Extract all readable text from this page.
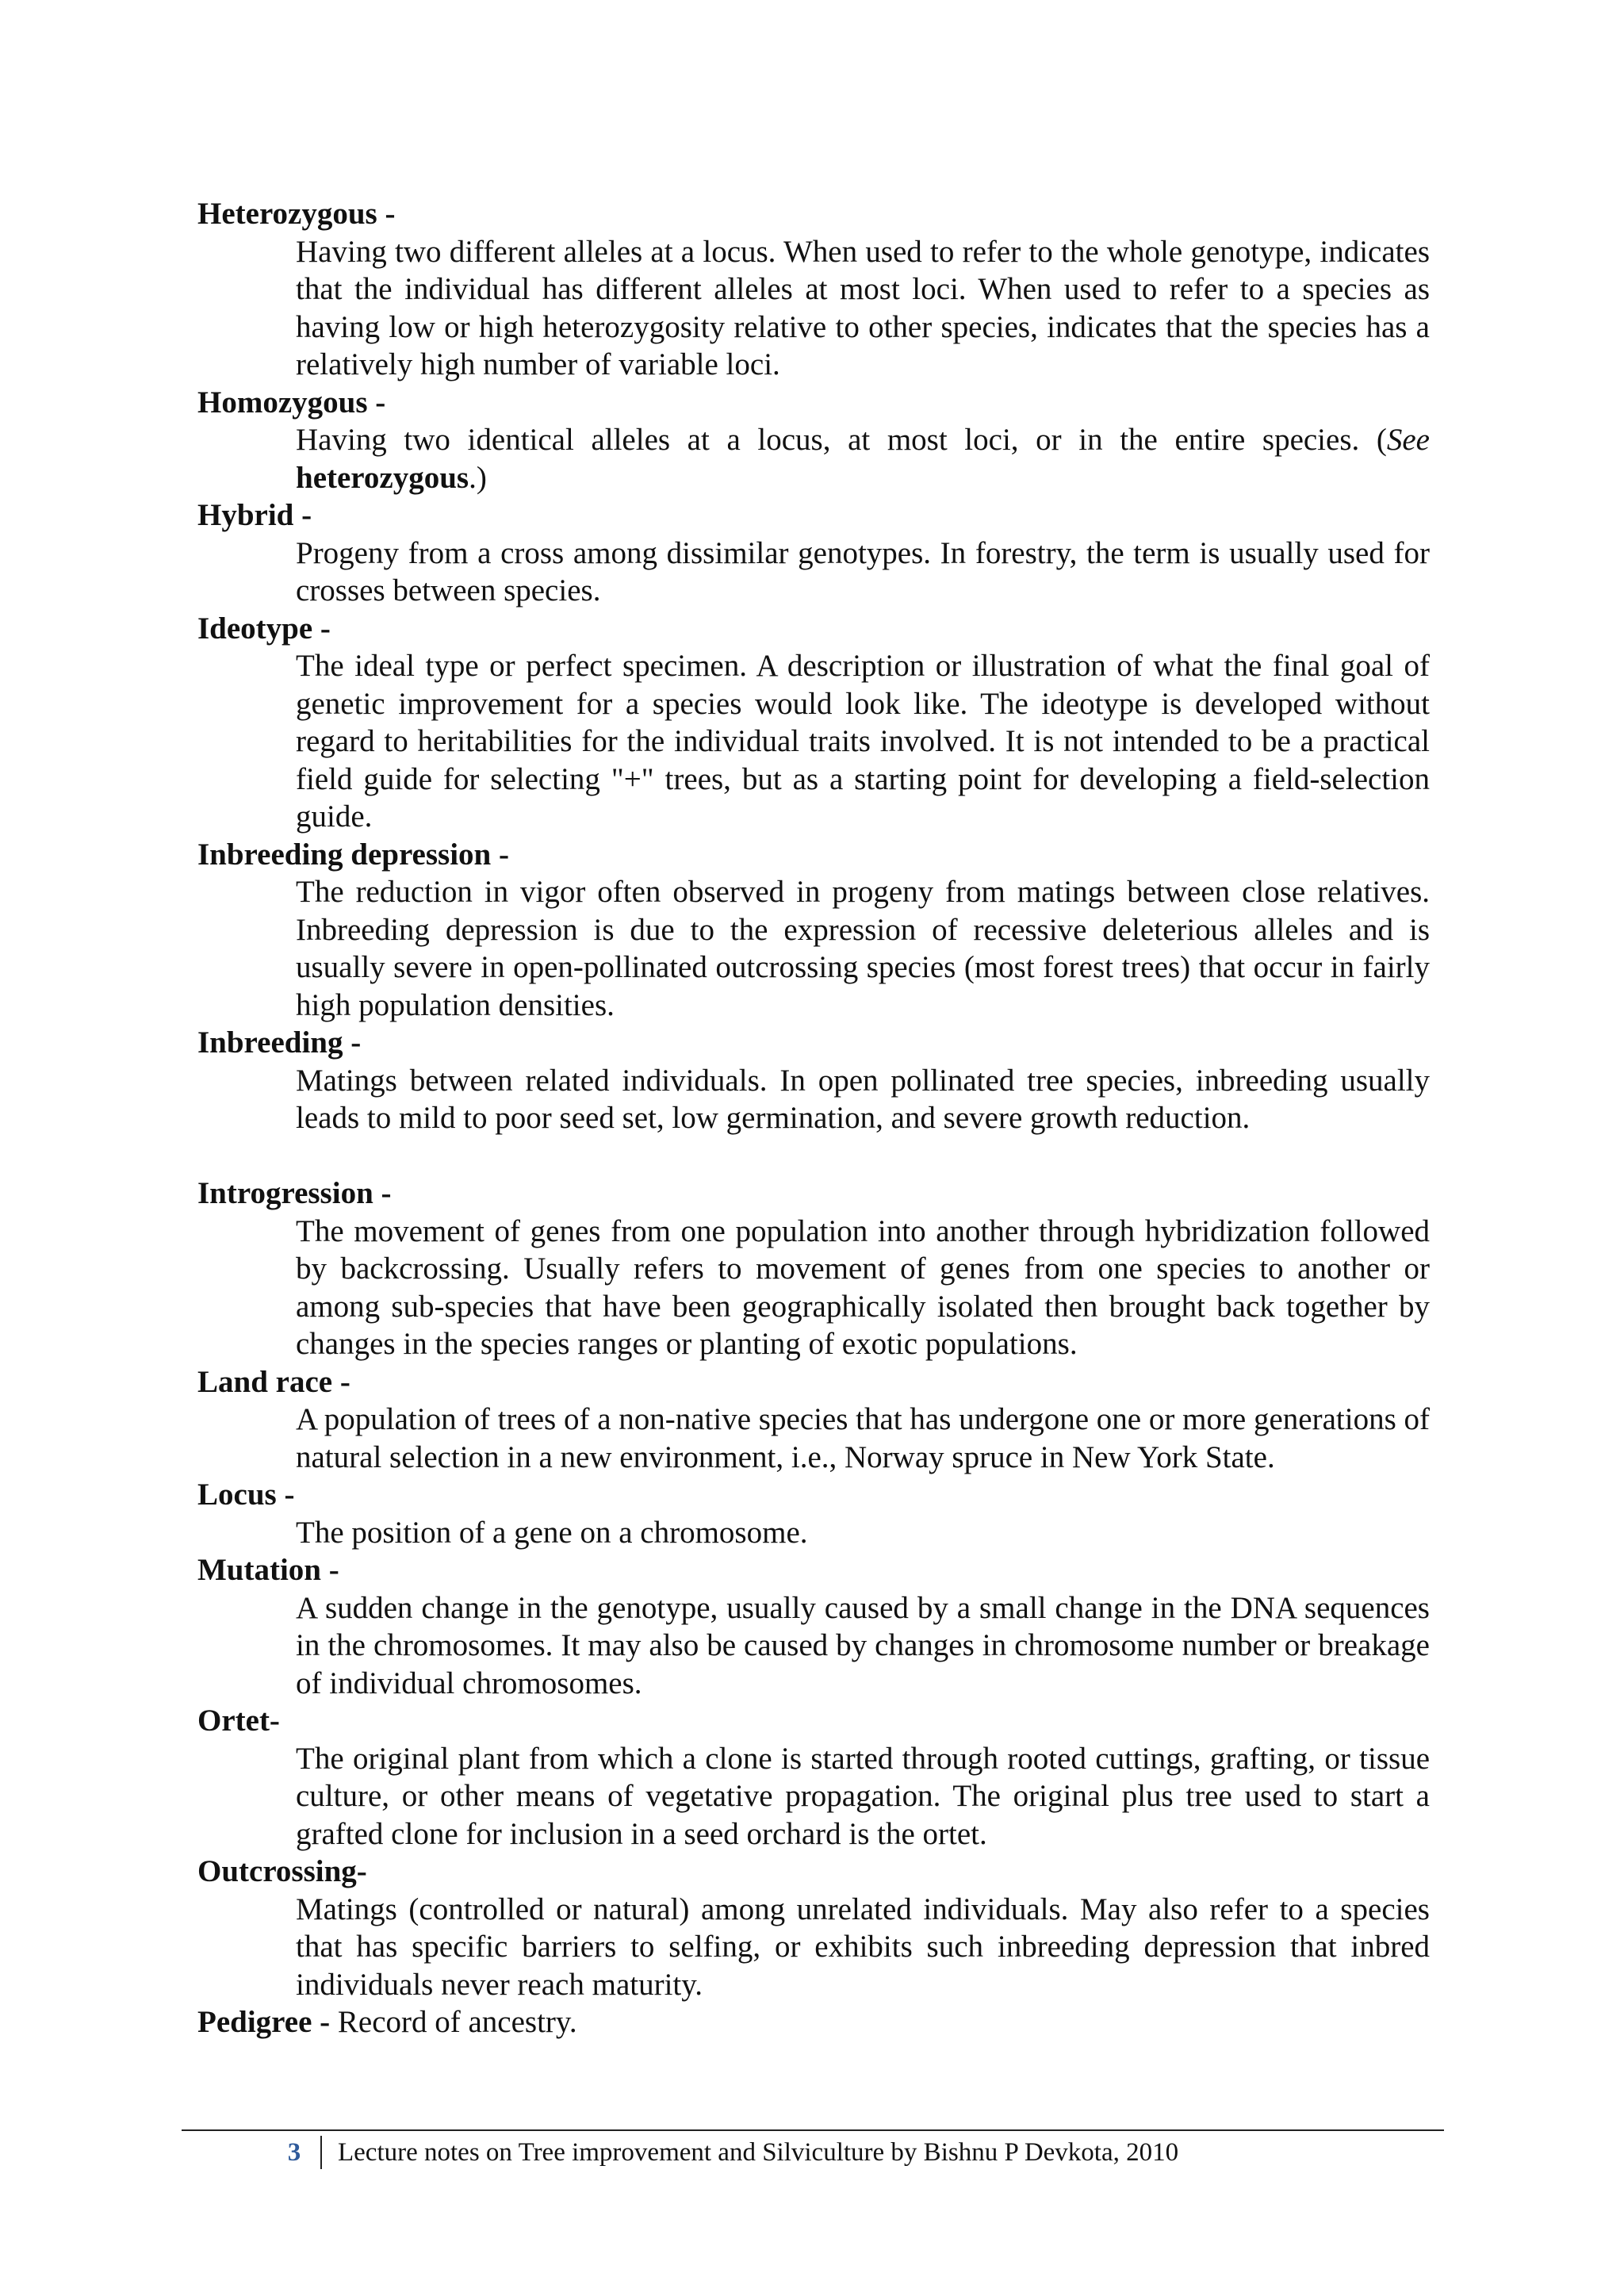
Heterozygous -

Having two different alleles at a locus. When used to refer to the whole genotype, indicates that the individual has different alleles at most loci. When used to refer to a species as having low or high heterozygosity relative to other species, indicates that the species has a relatively high number of variable loci.

Homozygous -

Having two identical alleles at a locus, at most loci, or in the entire species. (See heterozygous.)

Hybrid -

Progeny from a cross among dissimilar genotypes. In forestry, the term is usually used for crosses between species.

Ideotype -

The ideal type or perfect specimen. A description or illustration of what the final goal of genetic improvement for a species would look like. The ideotype is developed without regard to heritabilities for the individual traits involved. It is not intended to be a practical field guide for selecting "+" trees, but as a starting point for developing a field-selection guide.

Inbreeding depression -

The reduction in vigor often observed in progeny from matings between close relatives. Inbreeding depression is due to the expression of recessive deleterious alleles and is usually severe in open-pollinated outcrossing species (most forest trees) that occur in fairly high population densities.

Inbreeding -

Matings between related individuals. In open pollinated tree species, inbreeding usually leads to mild to poor seed set, low germination, and severe growth reduction.

Introgression -

The movement of genes from one population into another through hybridization followed by backcrossing. Usually refers to movement of genes from one species to another or among sub-species that have been geographically isolated then brought back together by changes in the species ranges or planting of exotic populations.

Land race -

A population of trees of a non-native species that has undergone one or more generations of natural selection in a new environment, i.e., Norway spruce in New York State.

Locus -

The position of a gene on a chromosome.

Mutation -

A sudden change in the genotype, usually caused by a small change in the DNA sequences in the chromosomes. It may also be caused by changes in chromosome number or breakage of individual chromosomes.

Ortet-

The original plant from which a clone is started through rooted cuttings, grafting, or tissue culture, or other means of vegetative propagation. The original plus tree used to start a grafted clone for inclusion in a seed orchard is the ortet.

Outcrossing-

Matings (controlled or natural) among unrelated individuals. May also refer to a species that has specific barriers to selfing, or exhibits such inbreeding depression that inbred individuals never reach maturity.

Pedigree - Record of ancestry.

3	Lecture notes on Tree improvement and Silviculture by Bishnu P Devkota, 2010
